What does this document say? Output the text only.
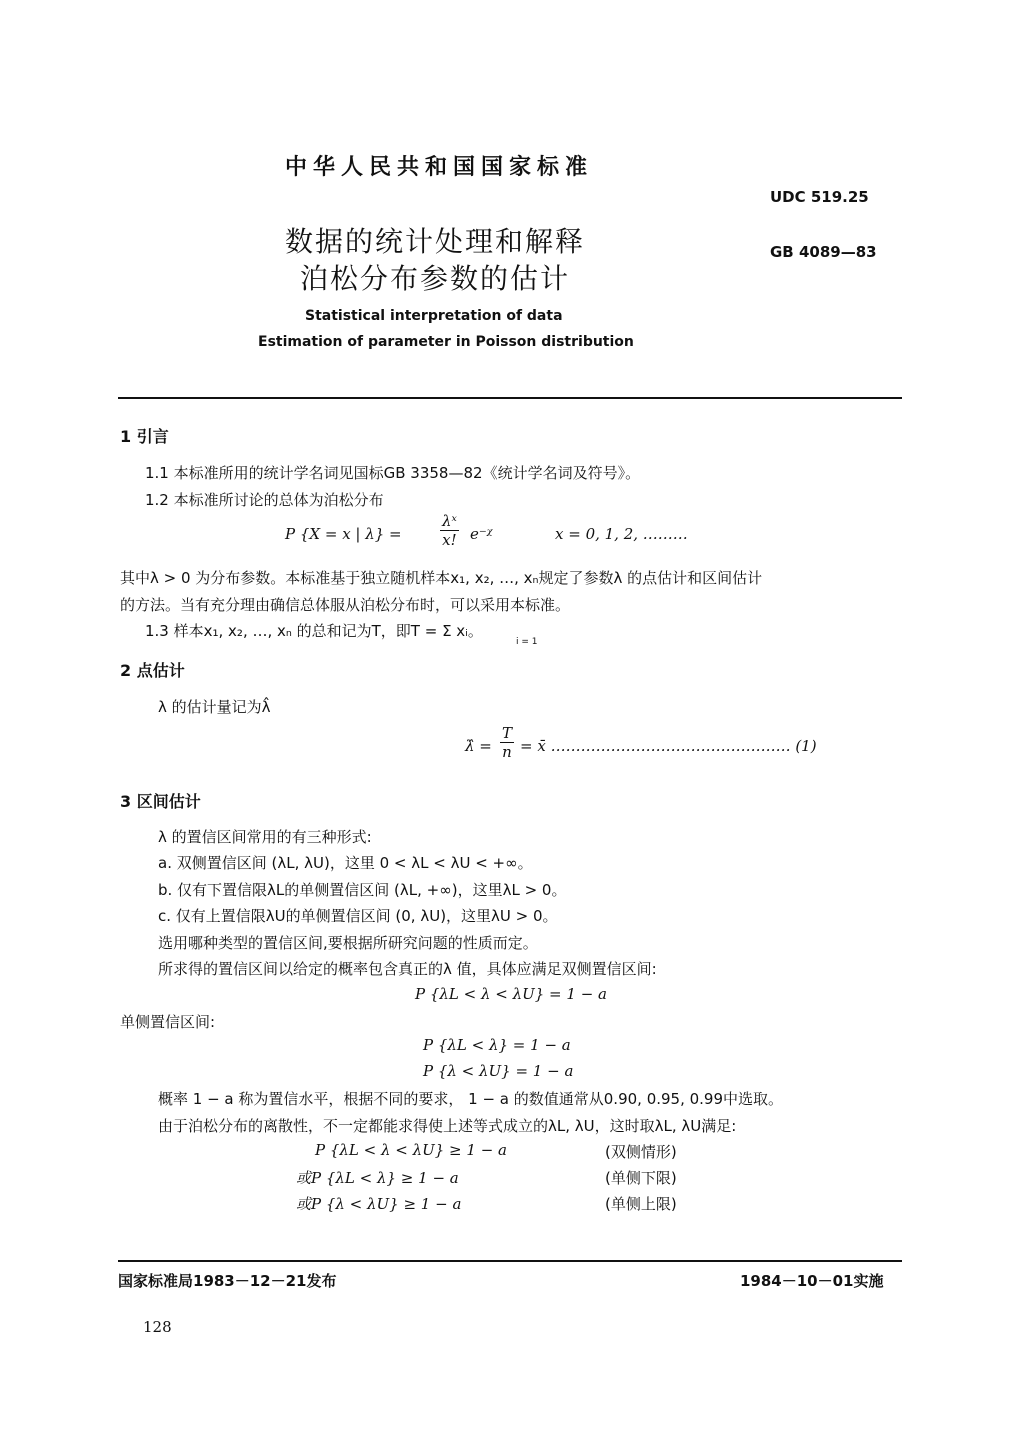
中华人民共和国国家标准
UDC 519.25
GB 4089—83
数据的统计处理和解释
泊松分布参数的估计
Statistical interpretation of data
Estimation of parameter in Poisson distribution
1 引言
1.1 本标准所用的统计学名词见国标GB 3358—82《统计学名词及符号》。
1.2 本标准所讨论的总体为泊松分布
P {X = x | λ} =	$\frac{\text{λˣ}}{x!}$ e⁻ᵡ	x = 0, 1, 2, ………
其中λ > 0 为分布参数。本标准基于独立随机样本x₁, x₂, …, xₙ规定了参数λ 的点估计和区间估计
的方法。当有充分理由确信总体服从泊松分布时，可以采用本标准。
1.3 样本x₁, x₂, …, xₙ 的总和记为T，即T = Σ xᵢ。
i = 1
2 点估计
λ 的估计量记为λ̂
λ̂ = $\frac{T}{n}$ = x̄ ………………………………………… (1)
3 区间估计
λ 的置信区间常用的有三种形式:
a. 双侧置信区间 (λL, λU)，这里 0 < λL < λU < +∞。
b. 仅有下置信限λL的单侧置信区间 (λL, +∞)，这里λL > 0。
c. 仅有上置信限λU的单侧置信区间 (0, λU)，这里λU > 0。
选用哪种类型的置信区间,要根据所研究问题的性质而定。
所求得的置信区间以给定的概率包含真正的λ 值，具体应满足双侧置信区间:
P {λL < λ < λU} = 1 − a
单侧置信区间:
P {λL < λ} = 1 − a
P {λ < λU} = 1 − a
概率 1 − a 称为置信水平，根据不同的要求， 1 − a 的数值通常从0.90, 0.95, 0.99中选取。
由于泊松分布的离散性，不一定都能求得使上述等式成立的λL, λU，这时取λL, λU满足:
P {λL < λ < λU} ≥ 1 − a	(双侧情形)
或P {λL < λ} ≥ 1 − a	(单侧下限)
或P {λ < λU} ≥ 1 − a	(单侧上限)
国家标准局1983－12－21发布	1984－10－01实施
128
